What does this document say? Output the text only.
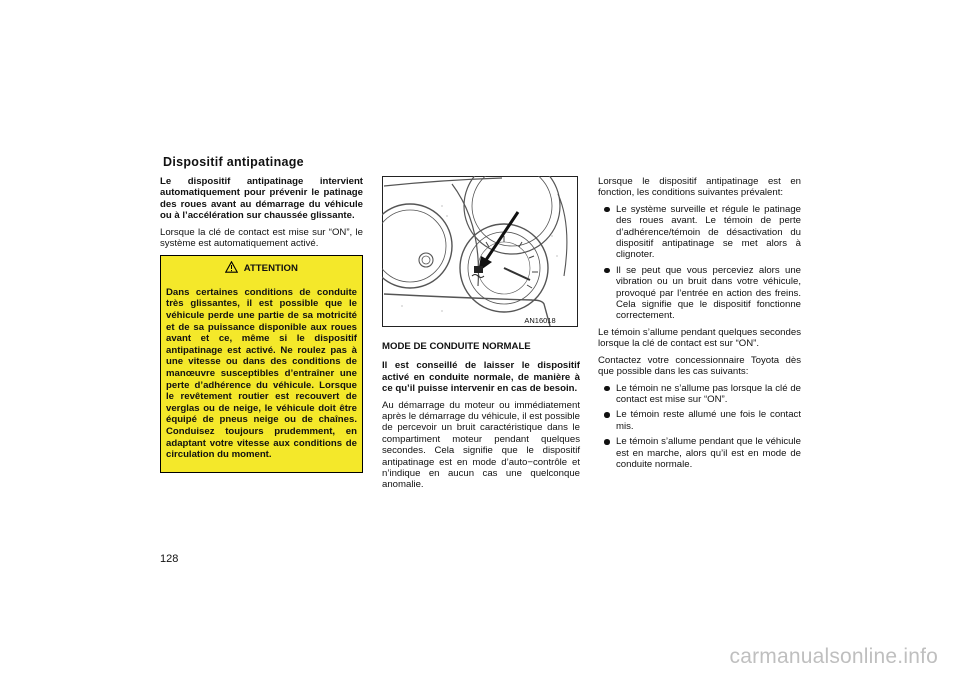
Dispositif antipatinage

Le dispositif antipatinage intervient automatiquement pour prévenir le patinage des roues avant au démarrage du véhicule ou à l’accélération sur chaussée glissante.

Lorsque la clé de contact est mise sur “ON”, le système est automatiquement activé.

ATTENTION

Dans certaines conditions de conduite très glissantes, il est possible que le véhicule perde une partie de sa motricité et de sa puissance disponible aux roues avant et ce, même si le dispositif antipatinage est activé. Ne roulez pas à une vitesse ou dans des conditions de manœuvre susceptibles d’entraîner une perte d’adhérence du véhicule. Lorsque le revêtement routier est recouvert de verglas ou de neige, le véhicule doit être équipé de pneus neige ou de chaînes. Conduisez toujours prudemment, en adaptant votre vitesse aux conditions de circulation du moment.

AN16018

MODE DE CONDUITE NORMALE

Il est conseillé de laisser le dispositif activé en conduite normale, de manière à ce qu’il puisse intervenir en cas de besoin.

Au démarrage du moteur ou immédiatement après le démarrage du véhicule, il est possible de percevoir un bruit caractéristique dans le compartiment moteur pendant quelques secondes. Cela signifie que le dispositif antipatinage est en mode d’auto−contrôle et n’indique en aucun cas une quelconque anomalie.

Lorsque le dispositif antipatinage est en fonction, les conditions suivantes prévalent:

Le système surveille et régule le patinage des roues avant. Le témoin de perte d’adhérence/témoin de désactivation du dispositif antipatinage se met alors à clignoter.
Il se peut que vous perceviez alors une vibration ou un bruit dans votre véhicule, provoqué par l’entrée en action des freins. Cela signifie que le dispositif fonctionne correctement.

Le témoin s’allume pendant quelques secondes lorsque la clé de contact est sur “ON”.

Contactez votre concessionnaire Toyota dès que possible dans les cas suivants:

Le témoin ne s’allume pas lorsque la clé de contact est mise sur “ON”.
Le témoin reste allumé une fois le contact mis.
Le témoin s’allume pendant que le véhicule est en marche, alors qu’il est en mode de conduite normale.
128
carmanualsonline.info
